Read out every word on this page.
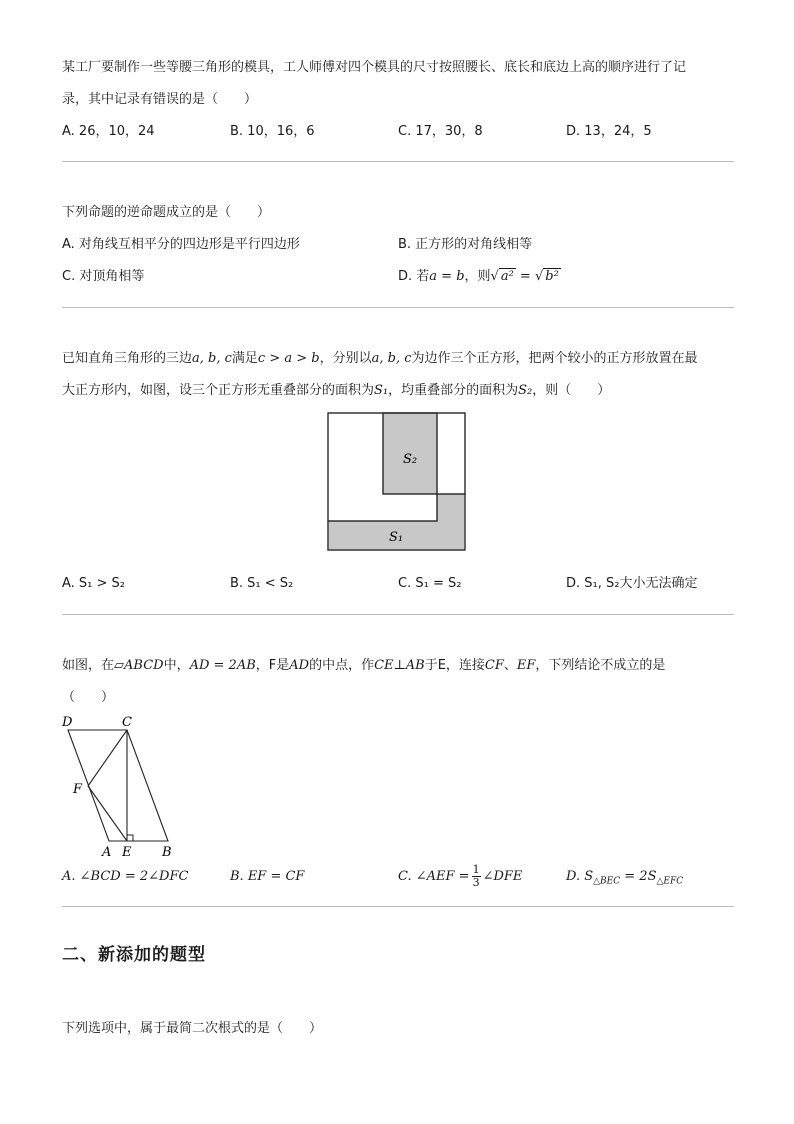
某工厂要制作一些等腰三角形的模具，工人师傅对四个模具的尺寸按照腰长、底长和底边上高的顺序进行了记

录，其中记录有错误的是（　　）

A. 26，10，24	B. 10，16，6	C. 17，30，8	D. 13，24，5

下列命题的逆命题成立的是（　　）

A. 对角线互相平分的四边形是平行四边形	B. 正方形的对角线相等
C. 对顶角相等	D. 若a = b，则√ a² = √ b²

已知直角三角形的三边a, b, c满足c > a > b，分别以a, b, c为边作三个正方形，把两个较小的正方形放置在最

大正方形内，如图，设三个正方形无重叠部分的面积为S₁，均重叠部分的面积为S₂，则（　　）

S₂
S₁
A. S₁ > S₂	B. S₁ < S₂	C. S₁ = S₂	D. S₁, S₂大小无法确定

如图，在▱ABCD中，AD = 2AB，F是AD的中点，作CE⊥AB于E，连接CF、EF，下列结论不成立的是

（　　）

D	C
F
A E B
A. ∠BCD = 2∠DFC	B. EF = CF	C. ∠AEF = $\frac{1}{3}$ ∠DFE	D. $S_{\triangle BEC} = 2S_{\triangle EFC}$
二、新添加的题型

下列选项中，属于最简二次根式的是（　　）
